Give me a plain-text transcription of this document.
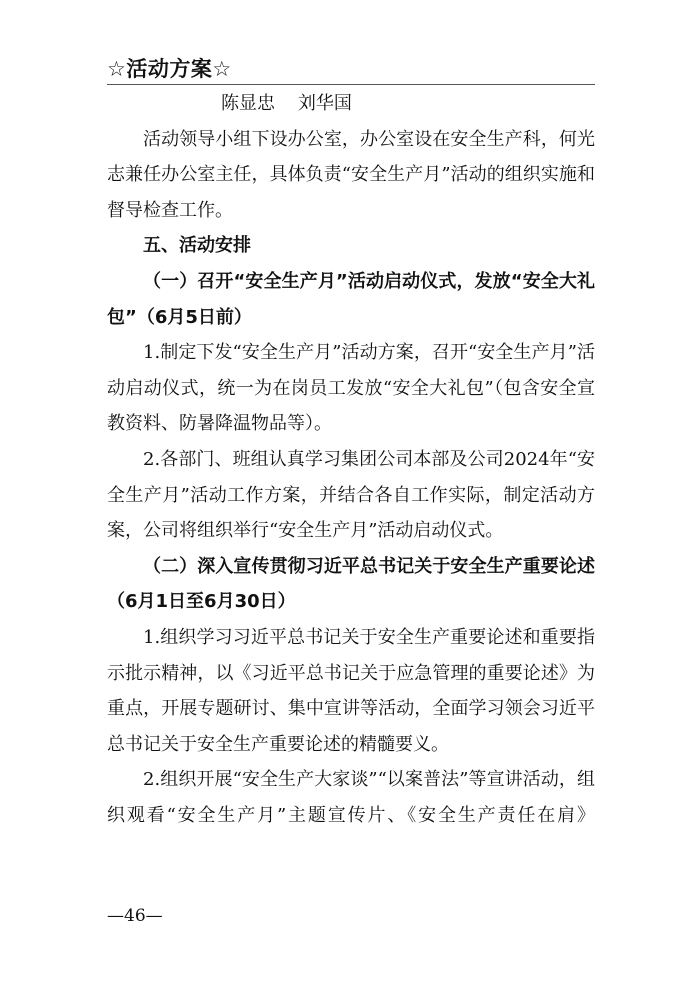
☆活动方案☆

陈显忠    刘华国

活动领导小组下设办公室，办公室设在安全生产科，何光志兼任办公室主任，具体负责“安全生产月”活动的组织实施和督导检查工作。

五、活动安排

（一）召开“安全生产月”活动启动仪式，发放“安全大礼包”（6月5日前）

1.制定下发“安全生产月”活动方案，召开“安全生产月”活动启动仪式，统一为在岗员工发放“安全大礼包”（包含安全宣教资料、防暑降温物品等）。

2.各部门、班组认真学习集团公司本部及公司2024年“安全生产月”活动工作方案，并结合各自工作实际，制定活动方案，公司将组织举行“安全生产月”活动启动仪式。

（二）深入宣传贯彻习近平总书记关于安全生产重要论述（6月1日至6月30日）

1.组织学习习近平总书记关于安全生产重要论述和重要指示批示精神，以《习近平总书记关于应急管理的重要论述》为重点，开展专题研讨、集中宣讲等活动，全面学习领会习近平总书记关于安全生产重要论述的精髓要义。

2.组织开展“安全生产大家谈”“以案普法”等宣讲活动，组织观看“安全生产月”主题宣传片、《安全生产责任在肩》

—46—
